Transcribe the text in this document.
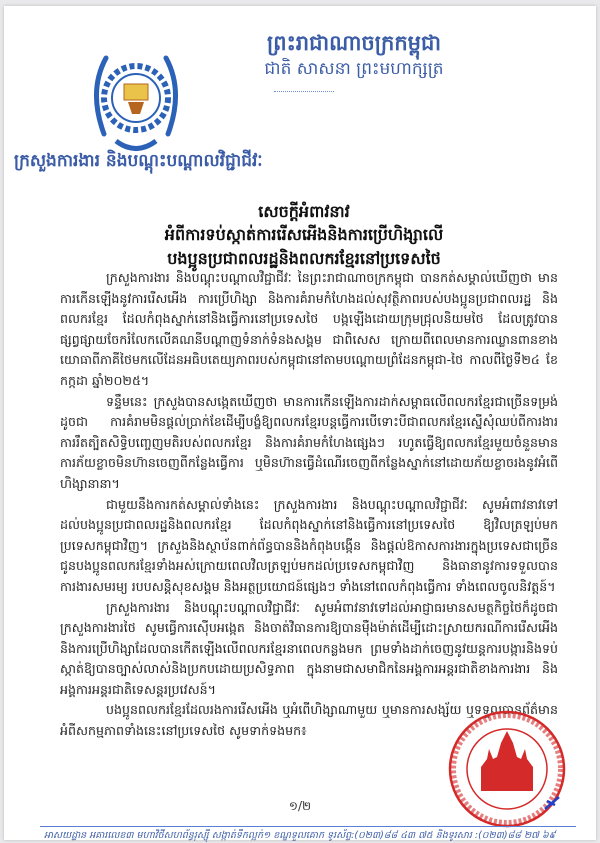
ព្រះរាជាណាចក្រកម្ពុជា
ជាតិ សាសនា ព្រះមហាក្សត្រ
ក្រសួងការងារ និងបណ្តុះបណ្តាលវិជ្ជាជីវៈ
សេចក្តីអំពាវនាវ
អំពីការទប់ស្កាត់ការរើសអើងនិងការប្រើហិង្សាលើ
បងប្អូនប្រជាពលរដ្ឋនិងពលករខ្មែរនៅប្រទេសថៃ

ក្រសួងការងារ និងបណ្តុះបណ្តាលវិជ្ជាជីវៈ នៃព្រះរាជាណាចក្រកម្ពុជា បានកត់សម្គាល់ឃើញថា មានការកើនឡើងនូវការរើសអើង ការប្រើហិង្សា និងការគំរាមកំហែងដល់សុវត្ថិភាពរបស់បងប្អូនប្រជាពលរដ្ឋ និងពលករខ្មែរ ដែលកំពុងស្នាក់នៅនិងធ្វើការនៅប្រទេសថៃ បង្កឡើងដោយក្រុមជ្រុលនិយមថៃ ដែលត្រូវបានផ្សព្វផ្សាយចែករំលែកលើគណនីបណ្តាញទំនាក់ទំនងសង្គម ជាពិសេស ក្រោយពីពេលមានការឈ្លានពានខាងយោធាពីភាគីថៃមកលើដែនអធិបតេយ្យភាពរបស់កម្ពុជានៅតាមបណ្តោយព្រំដែនកម្ពុជា-ថៃ កាលពីថ្ងៃទី២៤ ខែកក្កដា ឆ្នាំ២០២៥។

ទន្ទឹមនេះ ក្រសួងបានសង្កេតឃើញថា មានការកើនឡើងការដាក់សម្ពាធលើពលករខ្មែរជាច្រើនទម្រង់ ដូចជា ការគំរាមមិនផ្តល់ប្រាក់ខែដើម្បីបង្ខំឱ្យពលករខ្មែរបន្តធ្វើការបើទោះបីជាពលករខ្មែរស្នើសុំឈប់ពីការងារ ការរឹតត្បិតសិទ្ធិបញ្ចេញមតិរបស់ពលករខ្មែរ និងការគំរាមកំហែងផ្សេងៗ រហូតធ្វើឱ្យពលករខ្មែរមួយចំនួនមានការភ័យខ្លាចមិនហ៊ានចេញពីកន្លែងធ្វើការ ឬមិនហ៊ានធ្វើដំណើរចេញពីកន្លែងស្នាក់នៅដោយភ័យខ្លាចរងនូវអំពើហិង្សានានា។

ជាមួយនឹងការកត់សម្គាល់ទាំងនេះ ក្រសួងការងារ និងបណ្តុះបណ្តាលវិជ្ជាជីវៈ សូមអំពាវនាវទៅដល់បងប្អូនប្រជាពលរដ្ឋនិងពលករខ្មែរ ដែលកំពុងស្នាក់នៅនិងធ្វើការនៅប្រទេសថៃ ឱ្យវិលត្រឡប់មកប្រទេសកម្ពុជាវិញ។ ក្រសួងនិងស្ថាប័នពាក់ព័ន្ធបាននិងកំពុងបង្កើន និងផ្តល់ឱកាសការងារក្នុងប្រទេសជាច្រើន ជូនបងប្អូនពលករខ្មែរទាំងអស់ក្រោយពេលវិលត្រឡប់មកដល់ប្រទេសកម្ពុជាវិញ និងធានានូវការទទួលបានការងារសមរម្យ របបសន្តិសុខសង្គម និងអត្ថប្រយោជន៍ផ្សេងៗ ទាំងនៅពេលកំពុងធ្វើការ ទាំងពេលចូលនិវត្តន៍។

ក្រសួងការងារ និងបណ្តុះបណ្តាលវិជ្ជាជីវៈ សូមអំពាវនាវទៅដល់អាជ្ញាធរមានសមត្ថកិច្ចថៃក៏ដូចជាក្រសួងការងារថៃ សូមធ្វើការស៊ើបអង្កេត និងចាត់វិធានការឱ្យបានម៉ឺងម៉ាត់ដើម្បីដោះស្រាយករណីការរើសអើង និងការប្រើហិង្សាដែលបានកើតឡើងលើពលករខ្មែរនាពេលកន្លងមក ព្រមទាំងដាក់ចេញនូវយន្តការបង្ការនិងទប់ស្កាត់ឱ្យបានច្បាស់លាស់និងប្រកបដោយប្រសិទ្ធភាព ក្នុងនាមជាសមាជិកនៃអង្គការអន្តរជាតិខាងការងារ និងអង្គការអន្តរជាតិទេសន្តរប្រវេសន៍។

បងប្អូនពលករខ្មែរដែលរងការរើសអើង ឬអំពើហិង្សាណាមួយ ឬមានការសង្ស័យ ឬទទួលបានព័ត៌មានអំពីសកម្មភាពទាំងនេះនៅប្រទេសថៃ សូមទាក់ទងមក៖

១/២
អាសយដ្ឋាន អគារលេខ៣ មហាវិថីសហព័ន្ធរុស្ស៊ី សង្កាត់ទឹកល្អក់១ ខណ្ឌទួលគោក ទូរស័ព្ទ:(០២៣)៨៨ ៤៣ ៧៥ និងទូរសារ :(០២៣)៨៨ ២៧ ៦៩
